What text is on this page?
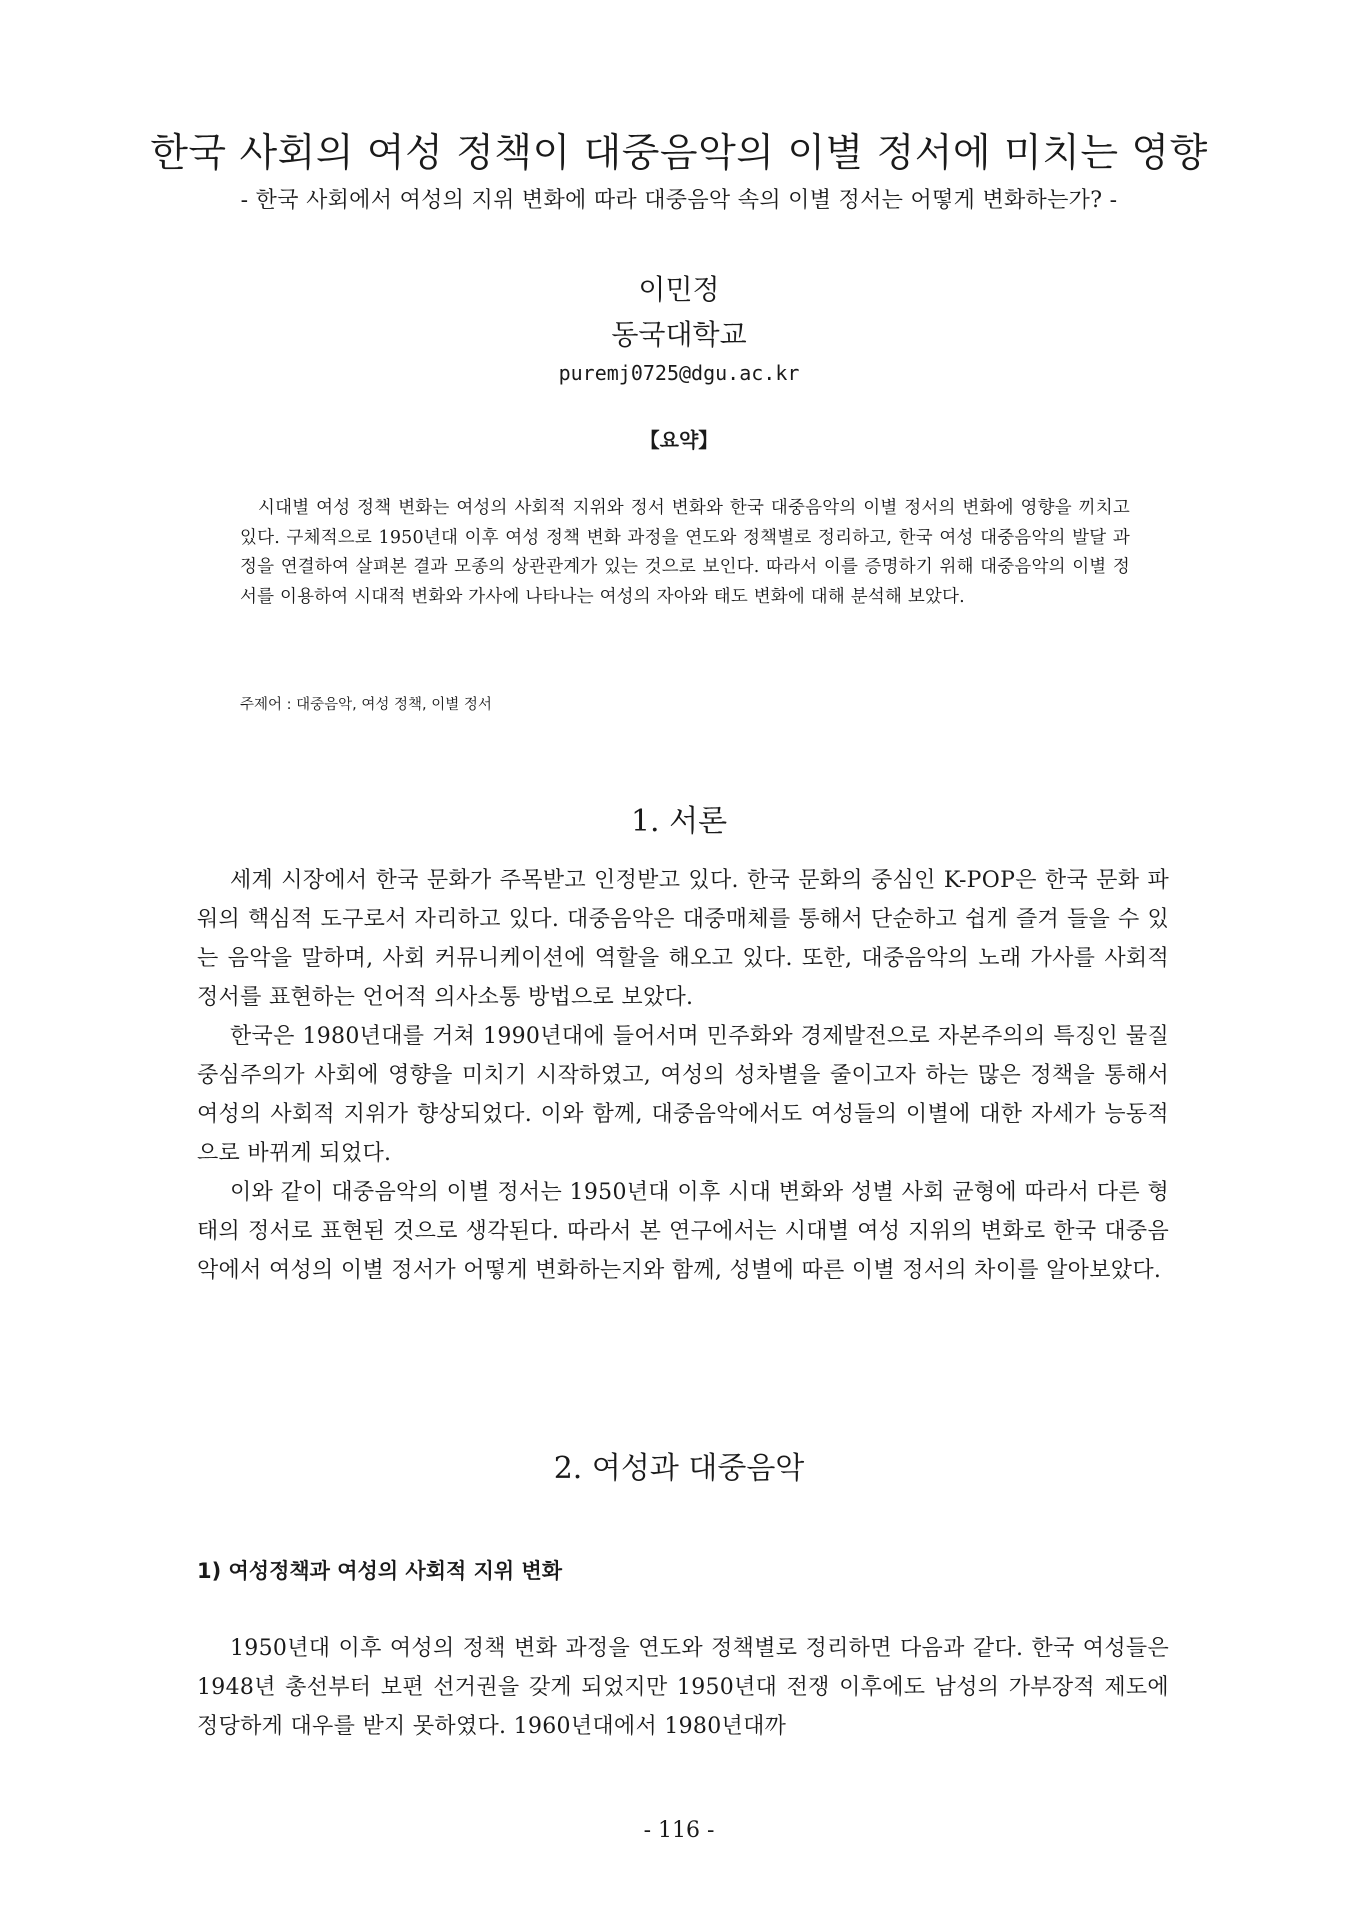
한국 사회의 여성 정책이 대중음악의 이별 정서에 미치는 영향
- 한국 사회에서 여성의 지위 변화에 따라 대중음악 속의 이별 정서는 어떻게 변화하는가? -
이민정
동국대학교
puremj0725@dgu.ac.kr
【요약】
시대별 여성 정책 변화는 여성의 사회적 지위와 정서 변화와 한국 대중음악의 이별 정서의 변화에 영향을 끼치고 있다. 구체적으로 1950년대 이후 여성 정책 변화 과정을 연도와 정책별로 정리하고, 한국 여성 대중음악의 발달 과정을 연결하여 살펴본 결과 모종의 상관관계가 있는 것으로 보인다. 따라서 이를 증명하기 위해 대중음악의 이별 정서를 이용하여 시대적 변화와 가사에 나타나는 여성의 자아와 태도 변화에 대해 분석해 보았다.
주제어 : 대중음악, 여성 정책, 이별 정서
1. 서론

세계 시장에서 한국 문화가 주목받고 인정받고 있다. 한국 문화의 중심인 K-POP은 한국 문화 파워의 핵심적 도구로서 자리하고 있다. 대중음악은 대중매체를 통해서 단순하고 쉽게 즐겨 들을 수 있는 음악을 말하며, 사회 커뮤니케이션에 역할을 해오고 있다. 또한, 대중음악의 노래 가사를 사회적 정서를 표현하는 언어적 의사소통 방법으로 보았다.

한국은 1980년대를 거쳐 1990년대에 들어서며 민주화와 경제발전으로 자본주의의 특징인 물질중심주의가 사회에 영향을 미치기 시작하였고, 여성의 성차별을 줄이고자 하는 많은 정책을 통해서 여성의 사회적 지위가 향상되었다. 이와 함께, 대중음악에서도 여성들의 이별에 대한 자세가 능동적으로 바뀌게 되었다.

이와 같이 대중음악의 이별 정서는 1950년대 이후 시대 변화와 성별 사회 균형에 따라서 다른 형태의 정서로 표현된 것으로 생각된다. 따라서 본 연구에서는 시대별 여성 지위의 변화로 한국 대중음악에서 여성의 이별 정서가 어떻게 변화하는지와 함께, 성별에 따른 이별 정서의 차이를 알아보았다.

2. 여성과 대중음악
1) 여성정책과 여성의 사회적 지위 변화

1950년대 이후 여성의 정책 변화 과정을 연도와 정책별로 정리하면 다음과 같다. 한국 여성들은 1948년 총선부터 보편 선거권을 갖게 되었지만 1950년대 전쟁 이후에도 남성의 가부장적 제도에 정당하게 대우를 받지 못하였다. 1960년대에서 1980년대까

- 116 -
